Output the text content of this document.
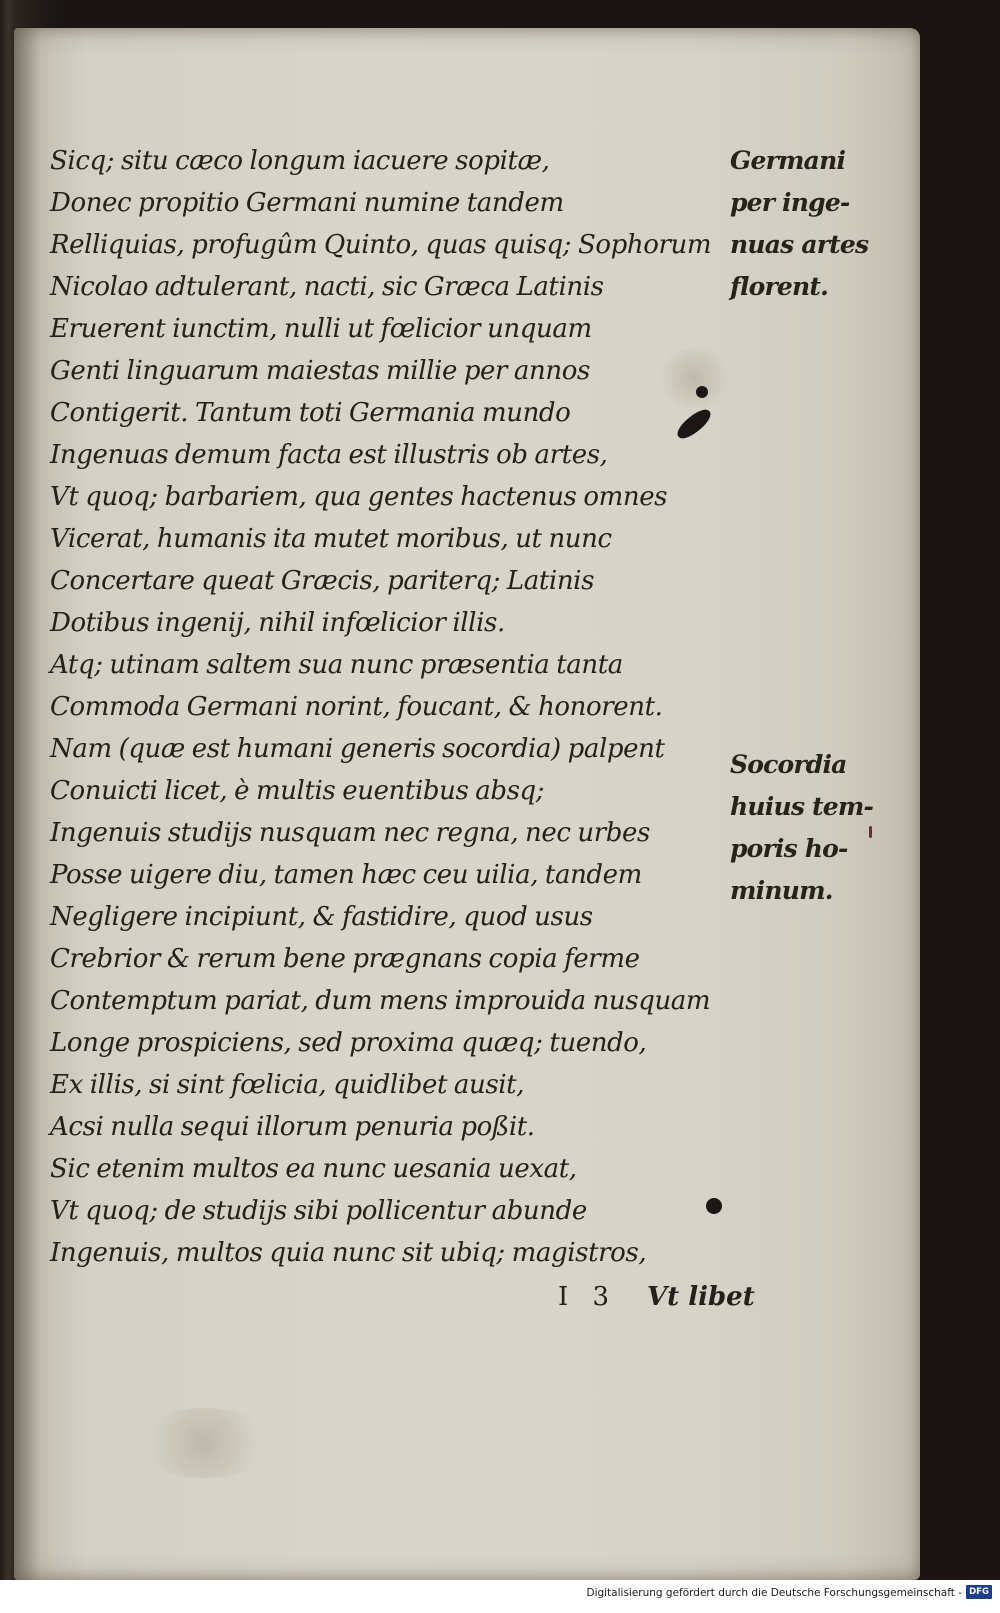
Sicq; situ cæco longum iacuere sopitæ,
Donec propitio Germani numine tandem
Relliquias, profugûm Quinto, quas quisq; Sophorum
Nicolao adtulerant, nacti, sic Græca Latinis
Eruerent iunctim, nulli ut fœlicior unquam
Genti linguarum maiestas millie per annos
Contigerit. Tantum toti Germania mundo
Ingenuas demum facta est illustris ob artes,
Vt quoq; barbariem, qua gentes hactenus omnes
Vicerat, humanis ita mutet moribus, ut nunc
Concertare queat Græcis, pariterq; Latinis
Dotibus ingenij, nihil infœlicior illis.
Atq; utinam saltem sua nunc præsentia tanta
Commoda Germani norint, foucant, & honorent.
Nam (quæ est humani generis socordia) palpent
Conuicti licet, è multis euentibus absq;
Ingenuis studijs nusquam nec regna, nec urbes
Posse uigere diu, tamen hæc ceu uilia, tandem
Negligere incipiunt, & fastidire, quod usus
Crebrior & rerum bene prægnans copia ferme
Contemptum pariat, dum mens improuida nusquam
Longe prospiciens, sed proxima quæq; tuendo,
Ex illis, si sint fœlicia, quidlibet ausit,
Acsi nulla sequi illorum penuria poßit.
Sic etenim multos ea nunc uesania uexat,
Vt quoq; de studijs sibi pollicentur abunde
Ingenuis, multos quia nunc sit ubiq; magistros,
Germani
per inge-
nuas artes
florent.
Socordia
huius tem-
poris ho-
minum.
I 3 Vt libet
Digitalisierung gefördert durch die Deutsche Forschungsgemeinschaft - DFG
